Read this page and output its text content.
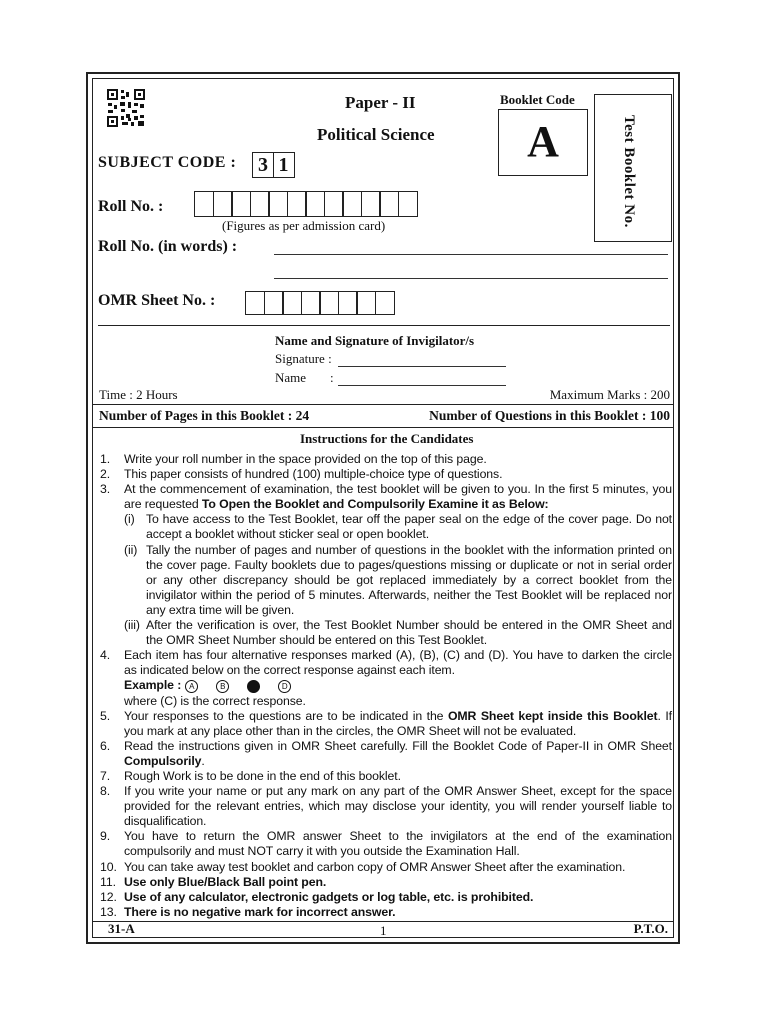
Paper - II
Political Science
Booklet Code
A	Test Booklet No.
SUBJECT CODE :	3 1
Roll No. :
(Figures as per admission card)
Roll No. (in words) :
OMR Sheet No. :
Name and Signature of Invigilator/s
Signature :
Name :
Time : 2 Hours	Maximum Marks : 200
Number of Pages in this Booklet : 24	Number of Questions in this Booklet : 100
Instructions for the Candidates
1.	Write your roll number in the space provided on the top of this page.
2.	This paper consists of hundred (100) multiple-choice type of questions.
3.	At the commencement of examination, the test booklet will be given to you. In the first 5 minutes, you are requested To Open the Booklet and Compulsorily Examine it as Below:
(i) To have access to the Test Booklet, tear off the paper seal on the edge of the cover page. Do not accept a booklet without sticker seal or open booklet.
(ii) Tally the number of pages and number of questions in the booklet with the information printed on the cover page. Faulty booklets due to pages/questions missing or duplicate or not in serial order or any other discrepancy should be got replaced immediately by a correct booklet from the invigilator within the period of 5 minutes. Afterwards, neither the Test Booklet will be replaced nor any extra time will be given.
(iii) After the verification is over, the Test Booklet Number should be entered in the OMR Sheet and the OMR Sheet Number should be entered on this Test Booklet.
4.	Each item has four alternative responses marked (A), (B), (C) and (D). You have to darken the circle as indicated below on the correct response against each item.
Example : A	B	D
where (C) is the correct response.
5.	Your responses to the questions are to be indicated in the OMR Sheet kept inside this Booklet. If you mark at any place other than in the circles, the OMR Sheet will not be evaluated.
6.	Read the instructions given in OMR Sheet carefully. Fill the Booklet Code of Paper-II in OMR Sheet Compulsorily.
7.	Rough Work is to be done in the end of this booklet.
8.	If you write your name or put any mark on any part of the OMR Answer Sheet, except for the space provided for the relevant entries, which may disclose your identity, you will render yourself liable to disqualification.
9.	You have to return the OMR answer Sheet to the invigilators at the end of the examination compulsorily and must NOT carry it with you outside the Examination Hall.
10. You can take away test booklet and carbon copy of OMR Answer Sheet after the examination.
11. Use only Blue/Black Ball point pen.
12. Use of any calculator, electronic gadgets or log table, etc. is prohibited.
13. There is no negative mark for incorrect answer.
31-A	1	P.T.O.
